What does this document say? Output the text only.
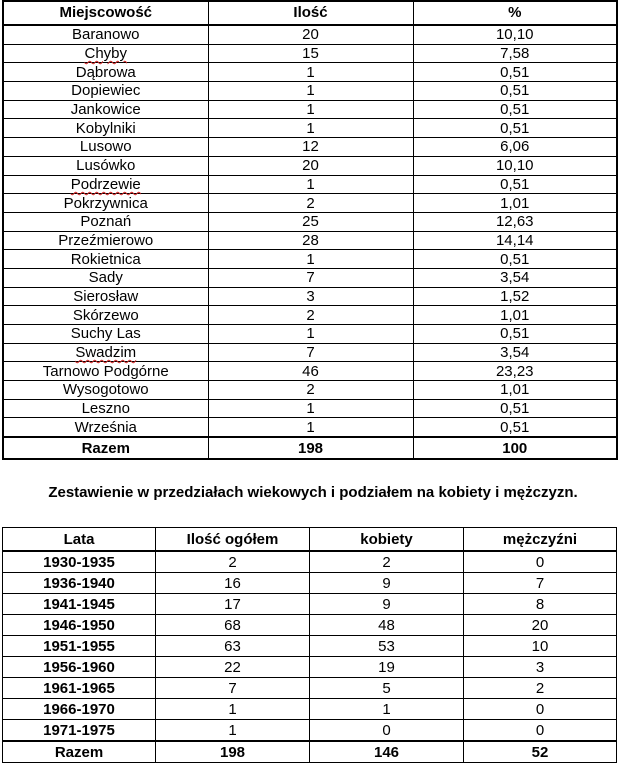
Miejscowość	Ilość	%
Baranowo	20	10,10
Chyby	15	7,58
Dąbrowa	1	0,51
Dopiewiec	1	0,51
Jankowice	1	0,51
Kobylniki	1	0,51
Lusowo	12	6,06
Lusówko	20	10,10
Podrzewie	1	0,51
Pokrzywnica	2	1,01
Poznań	25	12,63
Przeźmierowo	28	14,14
Rokietnica	1	0,51
Sady	7	3,54
Sierosław	3	1,52
Skórzewo	2	1,01
Suchy Las	1	0,51
Swadzim	7	3,54
Tarnowo Podgórne	46	23,23
Wysogotowo	2	1,01
Leszno	1	0,51
Września	1	0,51
Razem	198	100
Zestawienie w przedziałach wiekowych i podziałem na kobiety i mężczyzn.
Lata	Ilość ogółem	kobiety	mężczyźni
1930-1935	2	2	0
1936-1940	16	9	7
1941-1945	17	9	8
1946-1950	68	48	20
1951-1955	63	53	10
1956-1960	22	19	3
1961-1965	7	5	2
1966-1970	1	1	0
1971-1975	1	0	0
Razem	198	146	52
